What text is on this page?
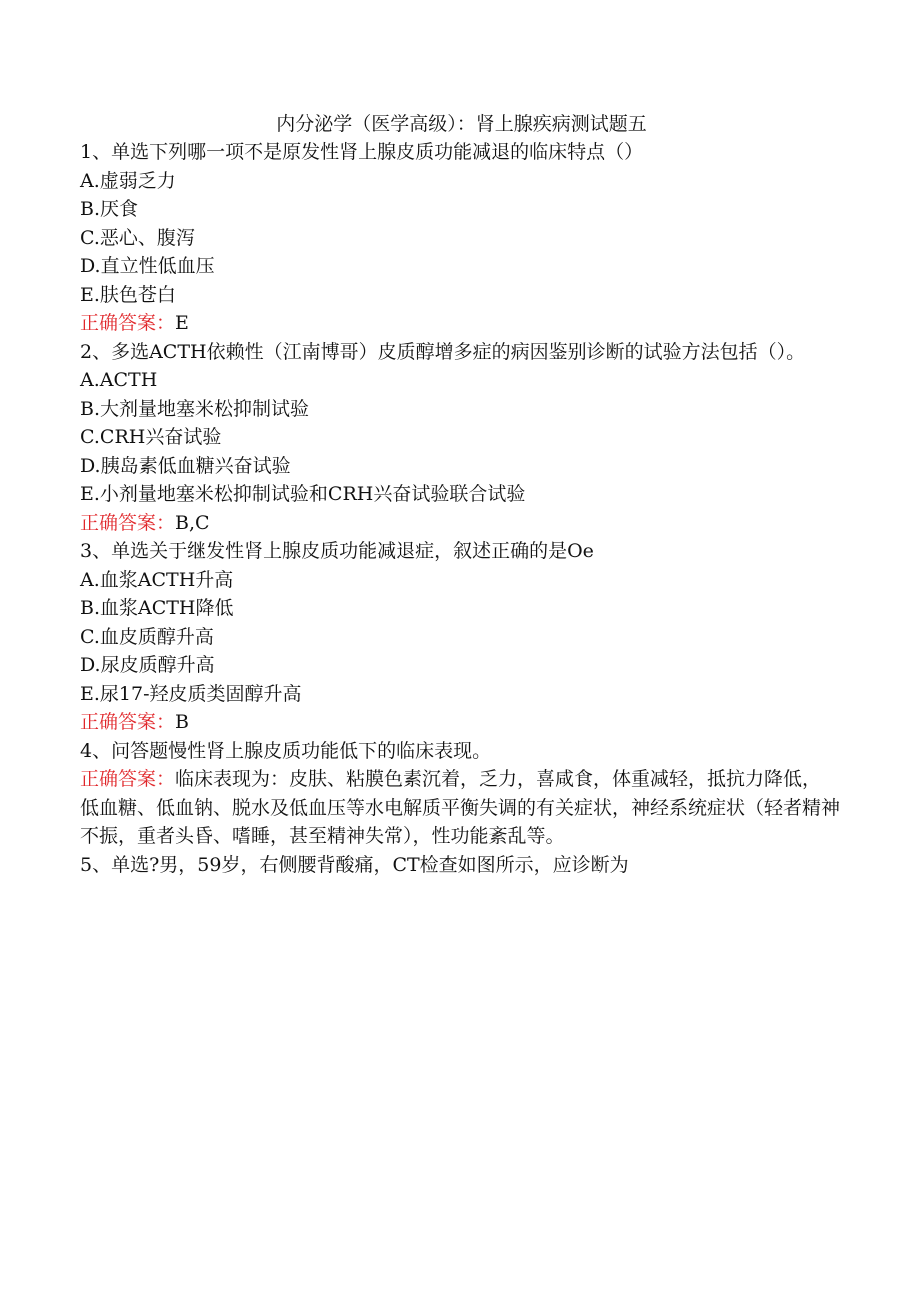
内分泌学（医学高级）：肾上腺疾病测试题五

1、单选下列哪一项不是原发性肾上腺皮质功能减退的临床特点（）

A.虚弱乏力

B.厌食

C.恶心、腹泻

D.直立性低血压

E.肤色苍白

正确答案：E

2、多选ACTH依赖性（江南博哥）皮质醇增多症的病因鉴别诊断的试验方法包括（）。

A.ACTH

B.大剂量地塞米松抑制试验

C.CRH兴奋试验

D.胰岛素低血糖兴奋试验

E.小剂量地塞米松抑制试验和CRH兴奋试验联合试验

正确答案：B,C

3、单选关于继发性肾上腺皮质功能减退症，叙述正确的是Oe

A.血浆ACTH升高

B.血浆ACTH降低

C.血皮质醇升高

D.尿皮质醇升高

E.尿17-羟皮质类固醇升高

正确答案：B

4、问答题慢性肾上腺皮质功能低下的临床表现。

正确答案：临床表现为：皮肤、粘膜色素沉着，乏力，喜咸食，体重减轻，抵抗力降低，低血糖、低血钠、脱水及低血压等水电解质平衡失调的有关症状，神经系统症状（轻者精神不振，重者头昏、嗜睡，甚至精神失常），性功能紊乱等。

5、单选?男，59岁，右侧腰背酸痛，CT检查如图所示，应诊断为
